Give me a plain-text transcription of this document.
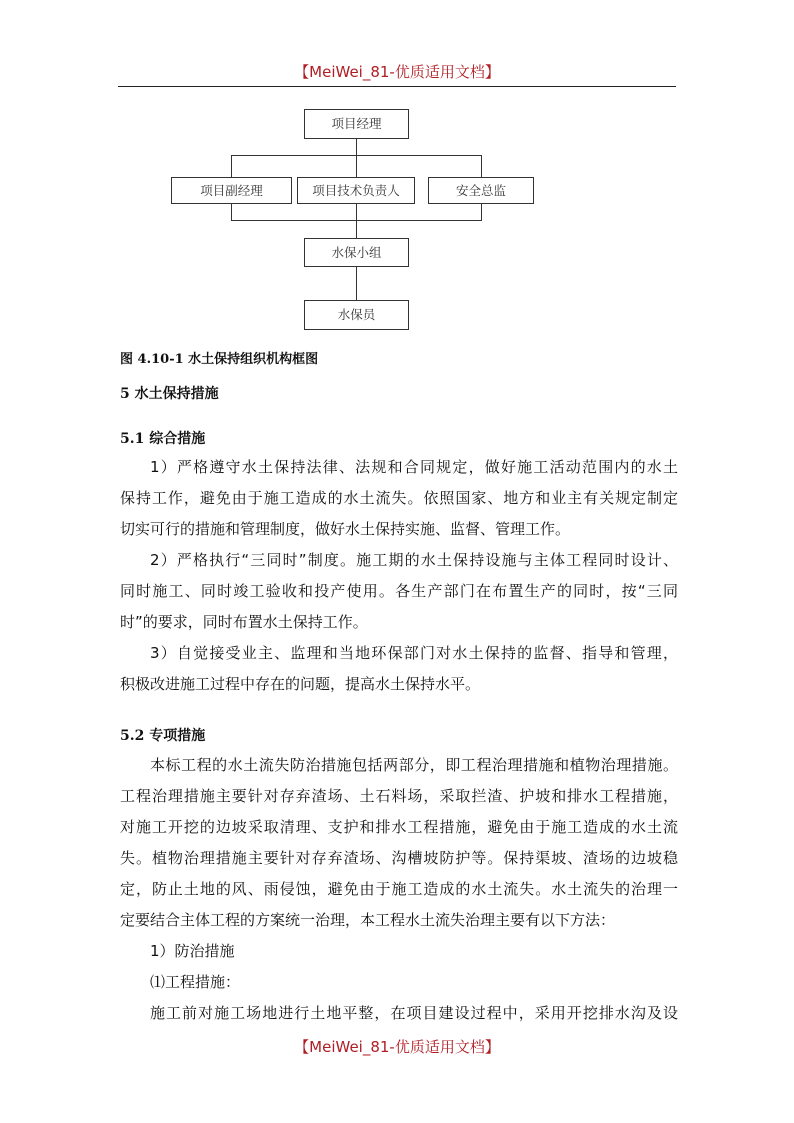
【MeiWei_81-优质适用文档】
项目经理
项目副经理	项目技术负责人	安全总监
水保小组
水保员
图 4.10-1 水土保持组织机构框图
5 水土保持措施
5.1 综合措施
1）严格遵守水土保持法律、法规和合同规定，做好施工活动范围内的水土
保持工作，避免由于施工造成的水土流失。依照国家、地方和业主有关规定制定
切实可行的措施和管理制度，做好水土保持实施、监督、管理工作。
2）严格执行“三同时”制度。施工期的水土保持设施与主体工程同时设计、
同时施工、同时竣工验收和投产使用。各生产部门在布置生产的同时，按“三同
时”的要求，同时布置水土保持工作。
3）自觉接受业主、监理和当地环保部门对水土保持的监督、指导和管理，
积极改进施工过程中存在的问题，提高水土保持水平。
5.2 专项措施
本标工程的水土流失防治措施包括两部分，即工程治理措施和植物治理措施。
工程治理措施主要针对存弃渣场、土石料场，采取拦渣、护坡和排水工程措施，
对施工开挖的边坡采取清理、支护和排水工程措施，避免由于施工造成的水土流
失。植物治理措施主要针对存弃渣场、沟槽坡防护等。保持渠坡、渣场的边坡稳
定，防止土地的风、雨侵蚀，避免由于施工造成的水土流失。水土流失的治理一
定要结合主体工程的方案统一治理，本工程水土流失治理主要有以下方法：
1）防治措施
⑴工程措施：
施工前对施工场地进行土地平整，在项目建设过程中，采用开挖排水沟及设
【MeiWei_81-优质适用文档】
